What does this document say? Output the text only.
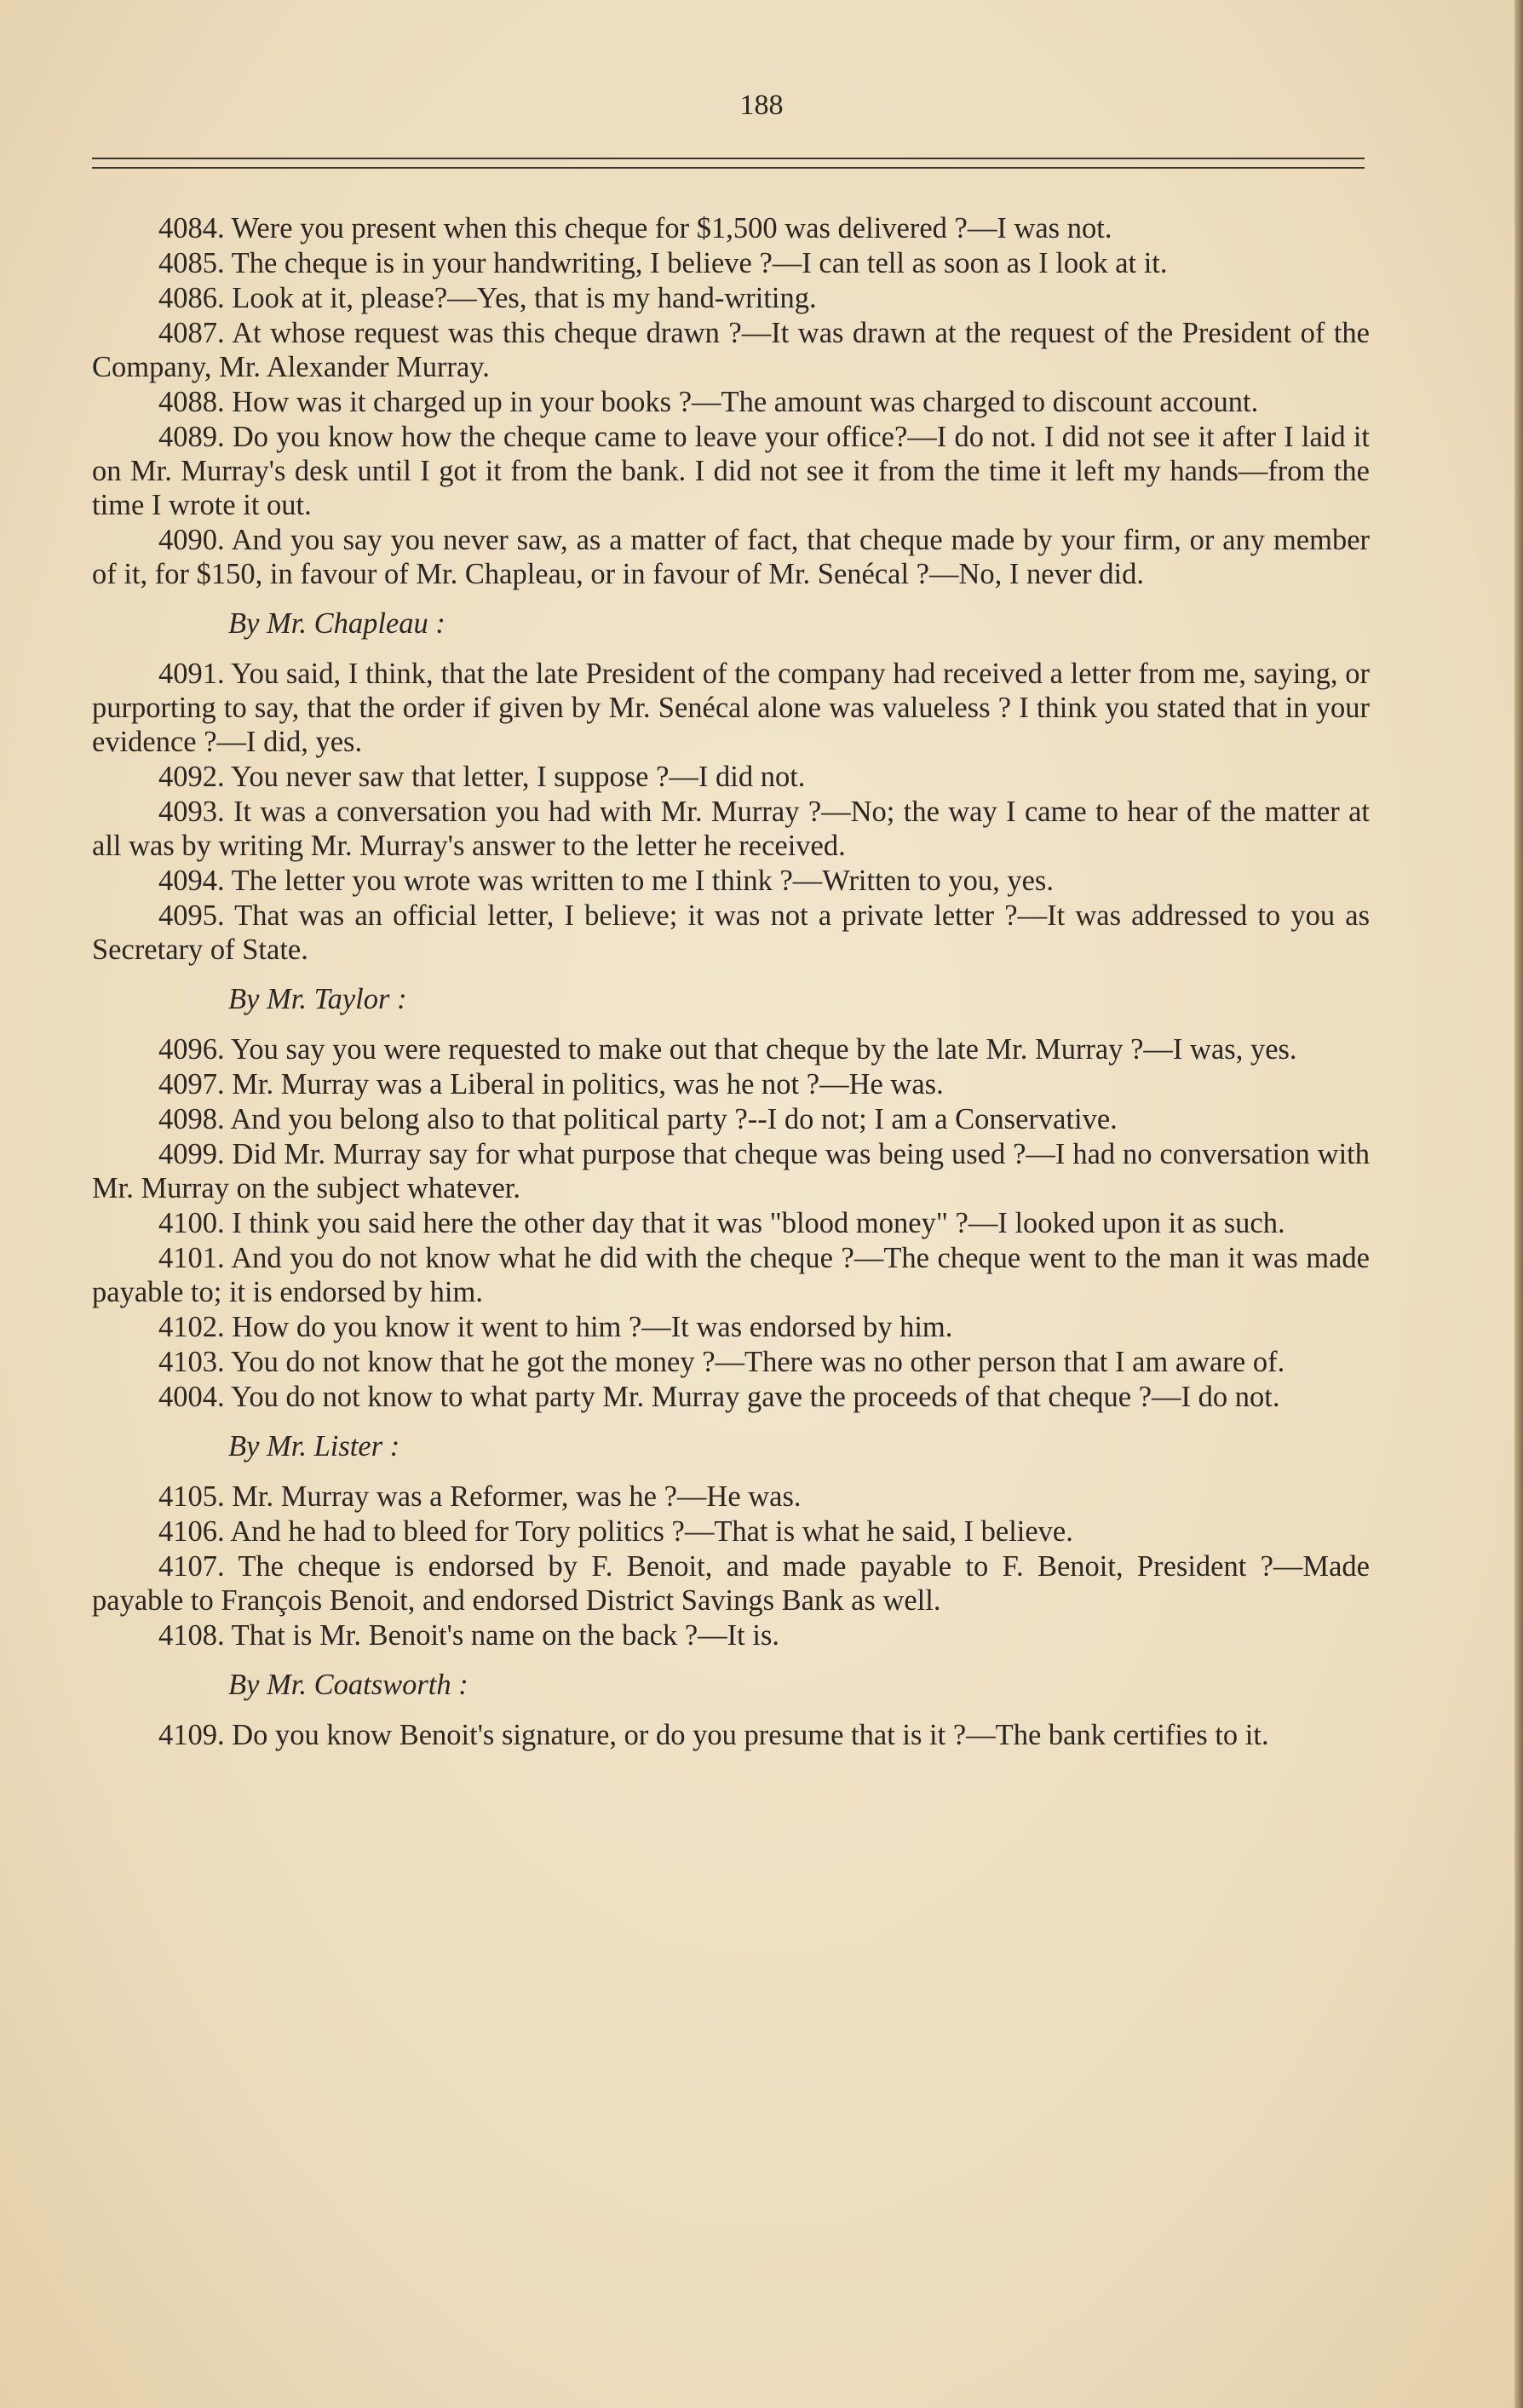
188

4084. Were you present when this cheque for $1,500 was delivered ?—I was not.

4085. The cheque is in your handwriting, I believe ?—I can tell as soon as I look at it.

4086. Look at it, please?—Yes, that is my hand-writing.

4087. At whose request was this cheque drawn ?—It was drawn at the request of the President of the Company, Mr. Alexander Murray.

4088. How was it charged up in your books ?—The amount was charged to discount account.

4089. Do you know how the cheque came to leave your office?—I do not. I did not see it after I laid it on Mr. Murray's desk until I got it from the bank. I did not see it from the time it left my hands—from the time I wrote it out.

4090. And you say you never saw, as a matter of fact, that cheque made by your firm, or any member of it, for $150, in favour of Mr. Chapleau, or in favour of Mr. Senécal ?—No, I never did.

By Mr. Chapleau :

4091. You said, I think, that the late President of the company had received a letter from me, saying, or purporting to say, that the order if given by Mr. Senécal alone was valueless ? I think you stated that in your evidence ?—I did, yes.

4092. You never saw that letter, I suppose ?—I did not.

4093. It was a conversation you had with Mr. Murray ?—No; the way I came to hear of the matter at all was by writing Mr. Murray's answer to the letter he received.

4094. The letter you wrote was written to me I think ?—Written to you, yes.

4095. That was an official letter, I believe; it was not a private letter ?—It was addressed to you as Secretary of State.

By Mr. Taylor :

4096. You say you were requested to make out that cheque by the late Mr. Murray ?—I was, yes.

4097. Mr. Murray was a Liberal in politics, was he not ?—He was.

4098. And you belong also to that political party ?--I do not; I am a Conservative.

4099. Did Mr. Murray say for what purpose that cheque was being used ?—I had no conversation with Mr. Murray on the subject whatever.

4100. I think you said here the other day that it was "blood money" ?—I looked upon it as such.

4101. And you do not know what he did with the cheque ?—The cheque went to the man it was made payable to; it is endorsed by him.

4102. How do you know it went to him ?—It was endorsed by him.

4103. You do not know that he got the money ?—There was no other person that I am aware of.

4004. You do not know to what party Mr. Murray gave the proceeds of that cheque ?—I do not.

By Mr. Lister :

4105. Mr. Murray was a Reformer, was he ?—He was.

4106. And he had to bleed for Tory politics ?—That is what he said, I believe.

4107. The cheque is endorsed by F. Benoit, and made payable to F. Benoit, President ?—Made payable to François Benoit, and endorsed District Savings Bank as well.

4108. That is Mr. Benoit's name on the back ?—It is.

By Mr. Coatsworth :

4109. Do you know Benoit's signature, or do you presume that is it ?—The bank certifies to it.
